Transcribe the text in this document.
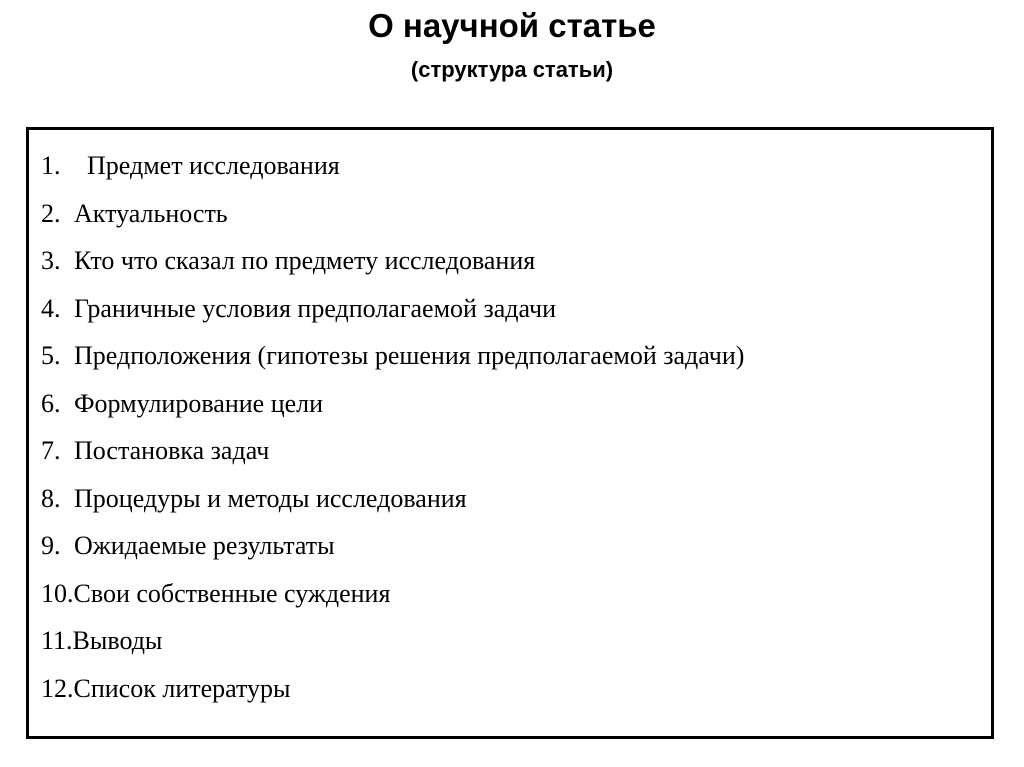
О научной статье
(структура статьи)
1.	Предмет исследования
2. Актуальность
3. Кто что сказал по предмету исследования
4. Граничные условия предполагаемой задачи
5. Предположения (гипотезы решения предполагаемой задачи)
6. Формулирование цели
7. Постановка задач
8. Процедуры и методы исследования
9. Ожидаемые результаты
10. Свои собственные суждения
11. Выводы
12. Список литературы
